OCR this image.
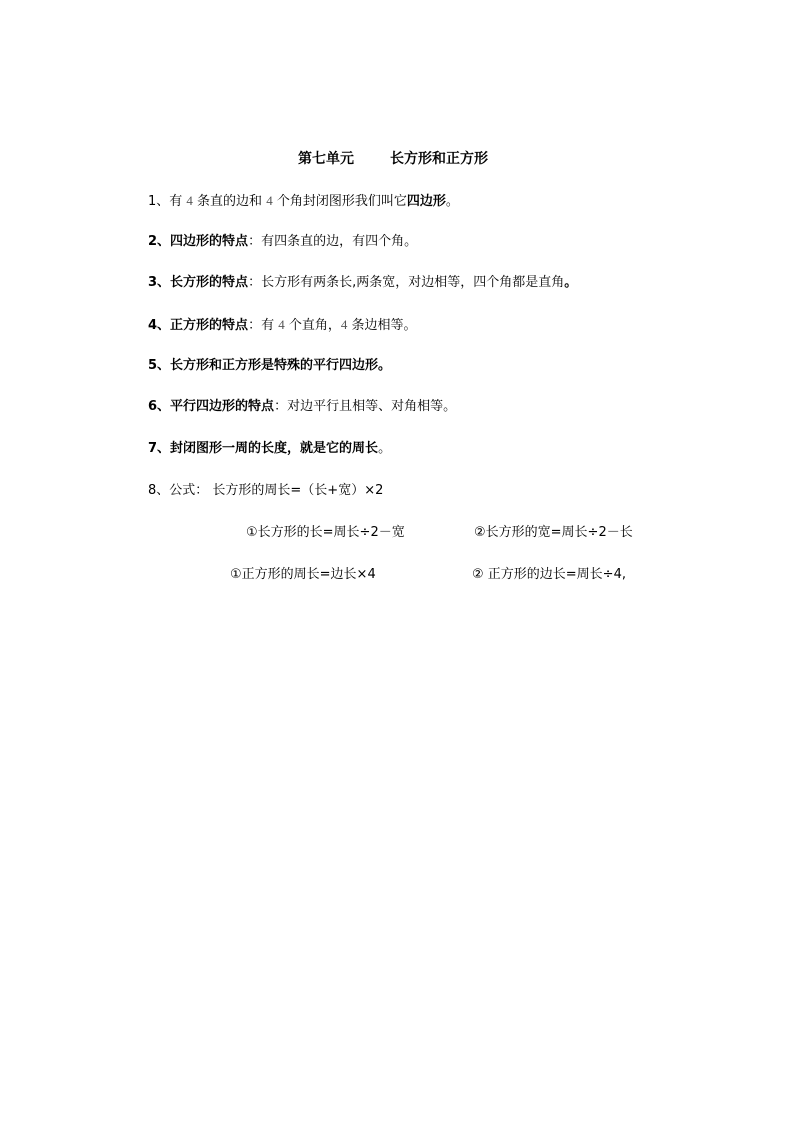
第七单元	长方形和正方形
1、有 4 条直的边和 4 个角封闭图形我们叫它四边形。
2、四边形的特点：有四条直的边，有四个角。
3、长方形的特点：长方形有两条长,两条宽，对边相等，四个角都是直角。
4、正方形的特点：有 4 个直角，4 条边相等。
5、长方形和正方形是特殊的平行四边形。
6、平行四边形的特点：对边平行且相等、对角相等。
7、封闭图形一周的长度，就是它的周长。
8、公式： 长方形的周长=（长+宽）×2
①长方形的长=周长÷2－宽	②长方形的宽=周长÷2－长
①正方形的周长=边长×4	② 正方形的边长=周长÷4,
